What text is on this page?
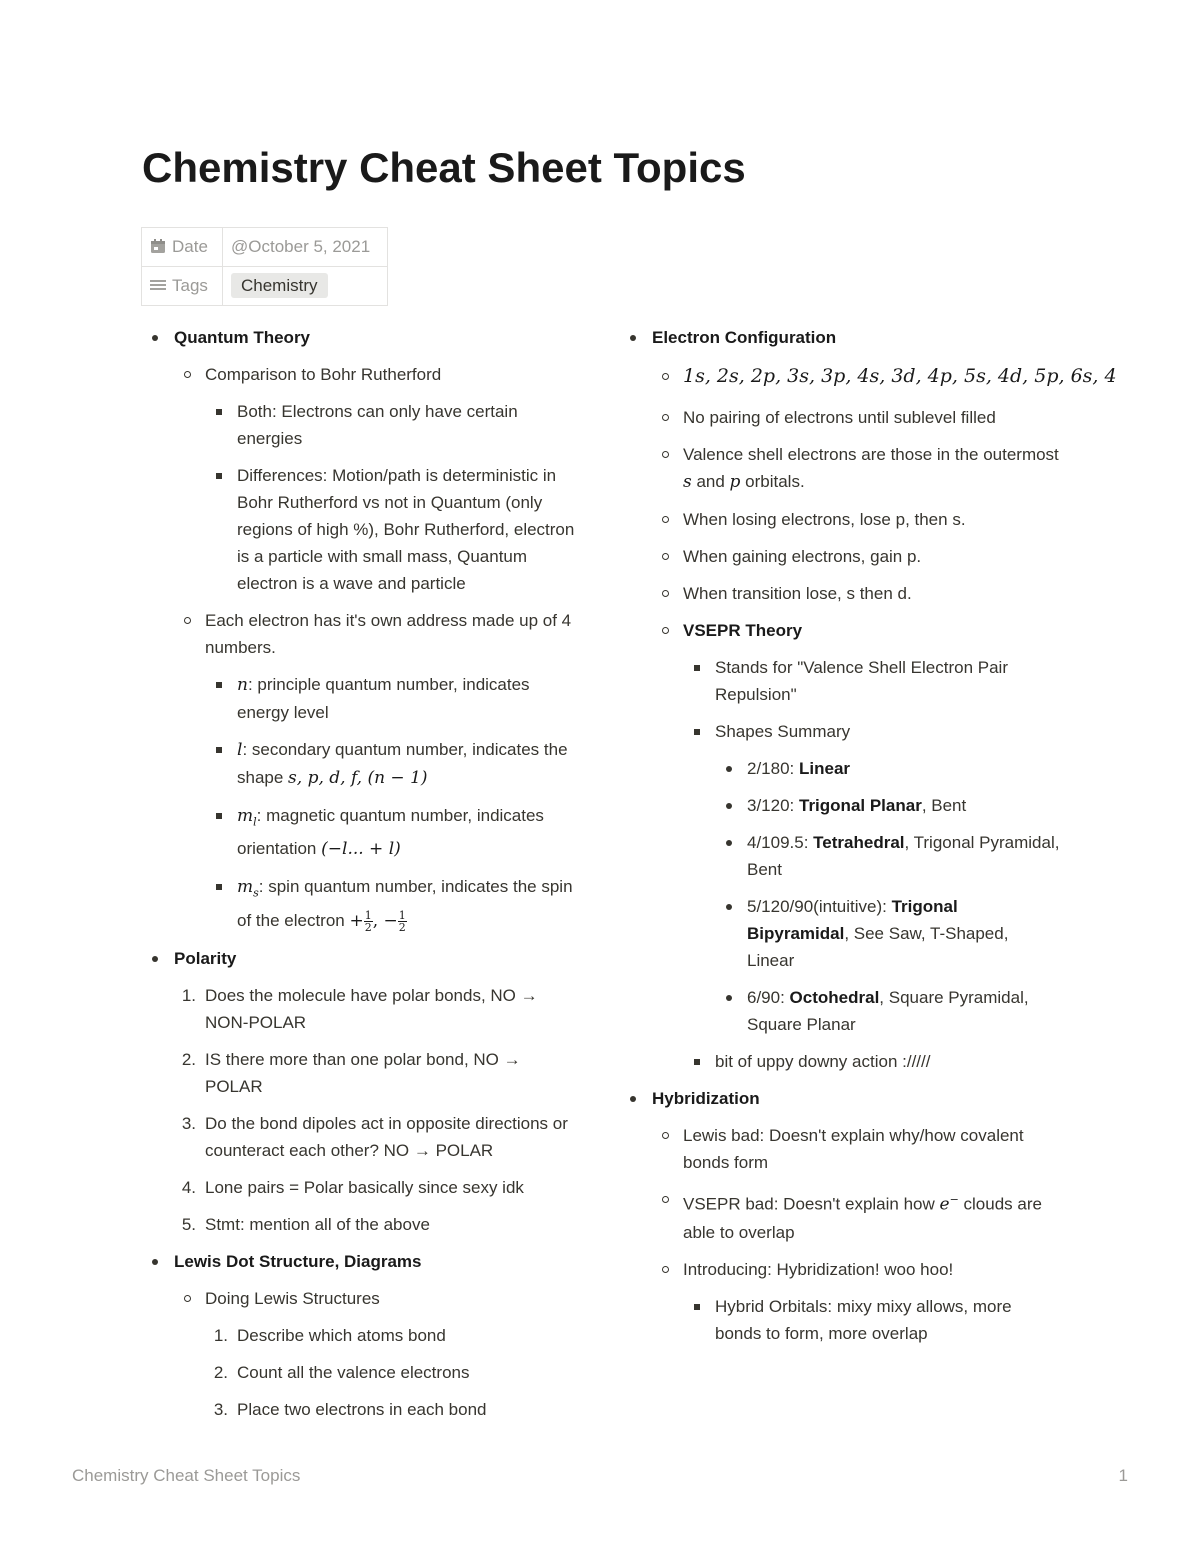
Chemistry Cheat Sheet Topics
Date	@October 5, 2021
Tags	Chemistry
Quantum Theory
Comparison to Bohr Rutherford
Both: Electrons can only have certain energies
Differences: Motion/path is deterministic in Bohr Rutherford vs not in Quantum (only regions of high %), Bohr Rutherford, electron is a particle with small mass, Quantum electron is a wave and particle
Each electron has it's own address made up of 4 numbers.
n: principle quantum number, indicates energy level
l: secondary quantum number, indicates the shape s, p, d, f, (n − 1)
$m_l$: magnetic quantum number, indicates orientation (−l... + l)
$m_s$: spin quantum number, indicates the spin of the electron + $\frac{1}{2}$ , − $\frac{1}{2}$
Polarity
1. Does the molecule have polar bonds, NO → NON-POLAR
2. IS there more than one polar bond, NO → POLAR
3. Do the bond dipoles act in opposite directions or counteract each other? NO → POLAR
4. Lone pairs = Polar basically since sexy idk
5. Stmt: mention all of the above
Lewis Dot Structure, Diagrams
Doing Lewis Structures
1. Describe which atoms bond
2. Count all the valence electrons
3. Place two electrons in each bond
Electron Configuration
1s, 2s, 2p, 3s, 3p, 4s, 3d, 4p, 5s, 4d, 5p, 6s, 4
No pairing of electrons until sublevel filled
Valence shell electrons are those in the outermost s and p orbitals.
When losing electrons, lose p, then s.
When gaining electrons, gain p.
When transition lose, s then d.
VSEPR Theory
Stands for "Valence Shell Electron Pair Repulsion"
Shapes Summary
2/180: Linear
3/120: Trigonal Planar, Bent
4/109.5: Tetrahedral, Trigonal Pyramidal, Bent
5/120/90(intuitive): Trigonal Bipyramidal, See Saw, T-Shaped, Linear
6/90: Octohedral, Square Pyramidal, Square Planar
bit of uppy downy action ://///
Hybridization
Lewis bad: Doesn't explain why/how covalent bonds form
VSEPR bad: Doesn't explain how e− clouds are able to overlap
Introducing: Hybridization! woo hoo!
Hybrid Orbitals: mixy mixy allows, more bonds to form, more overlap
Chemistry Cheat Sheet Topics	1
